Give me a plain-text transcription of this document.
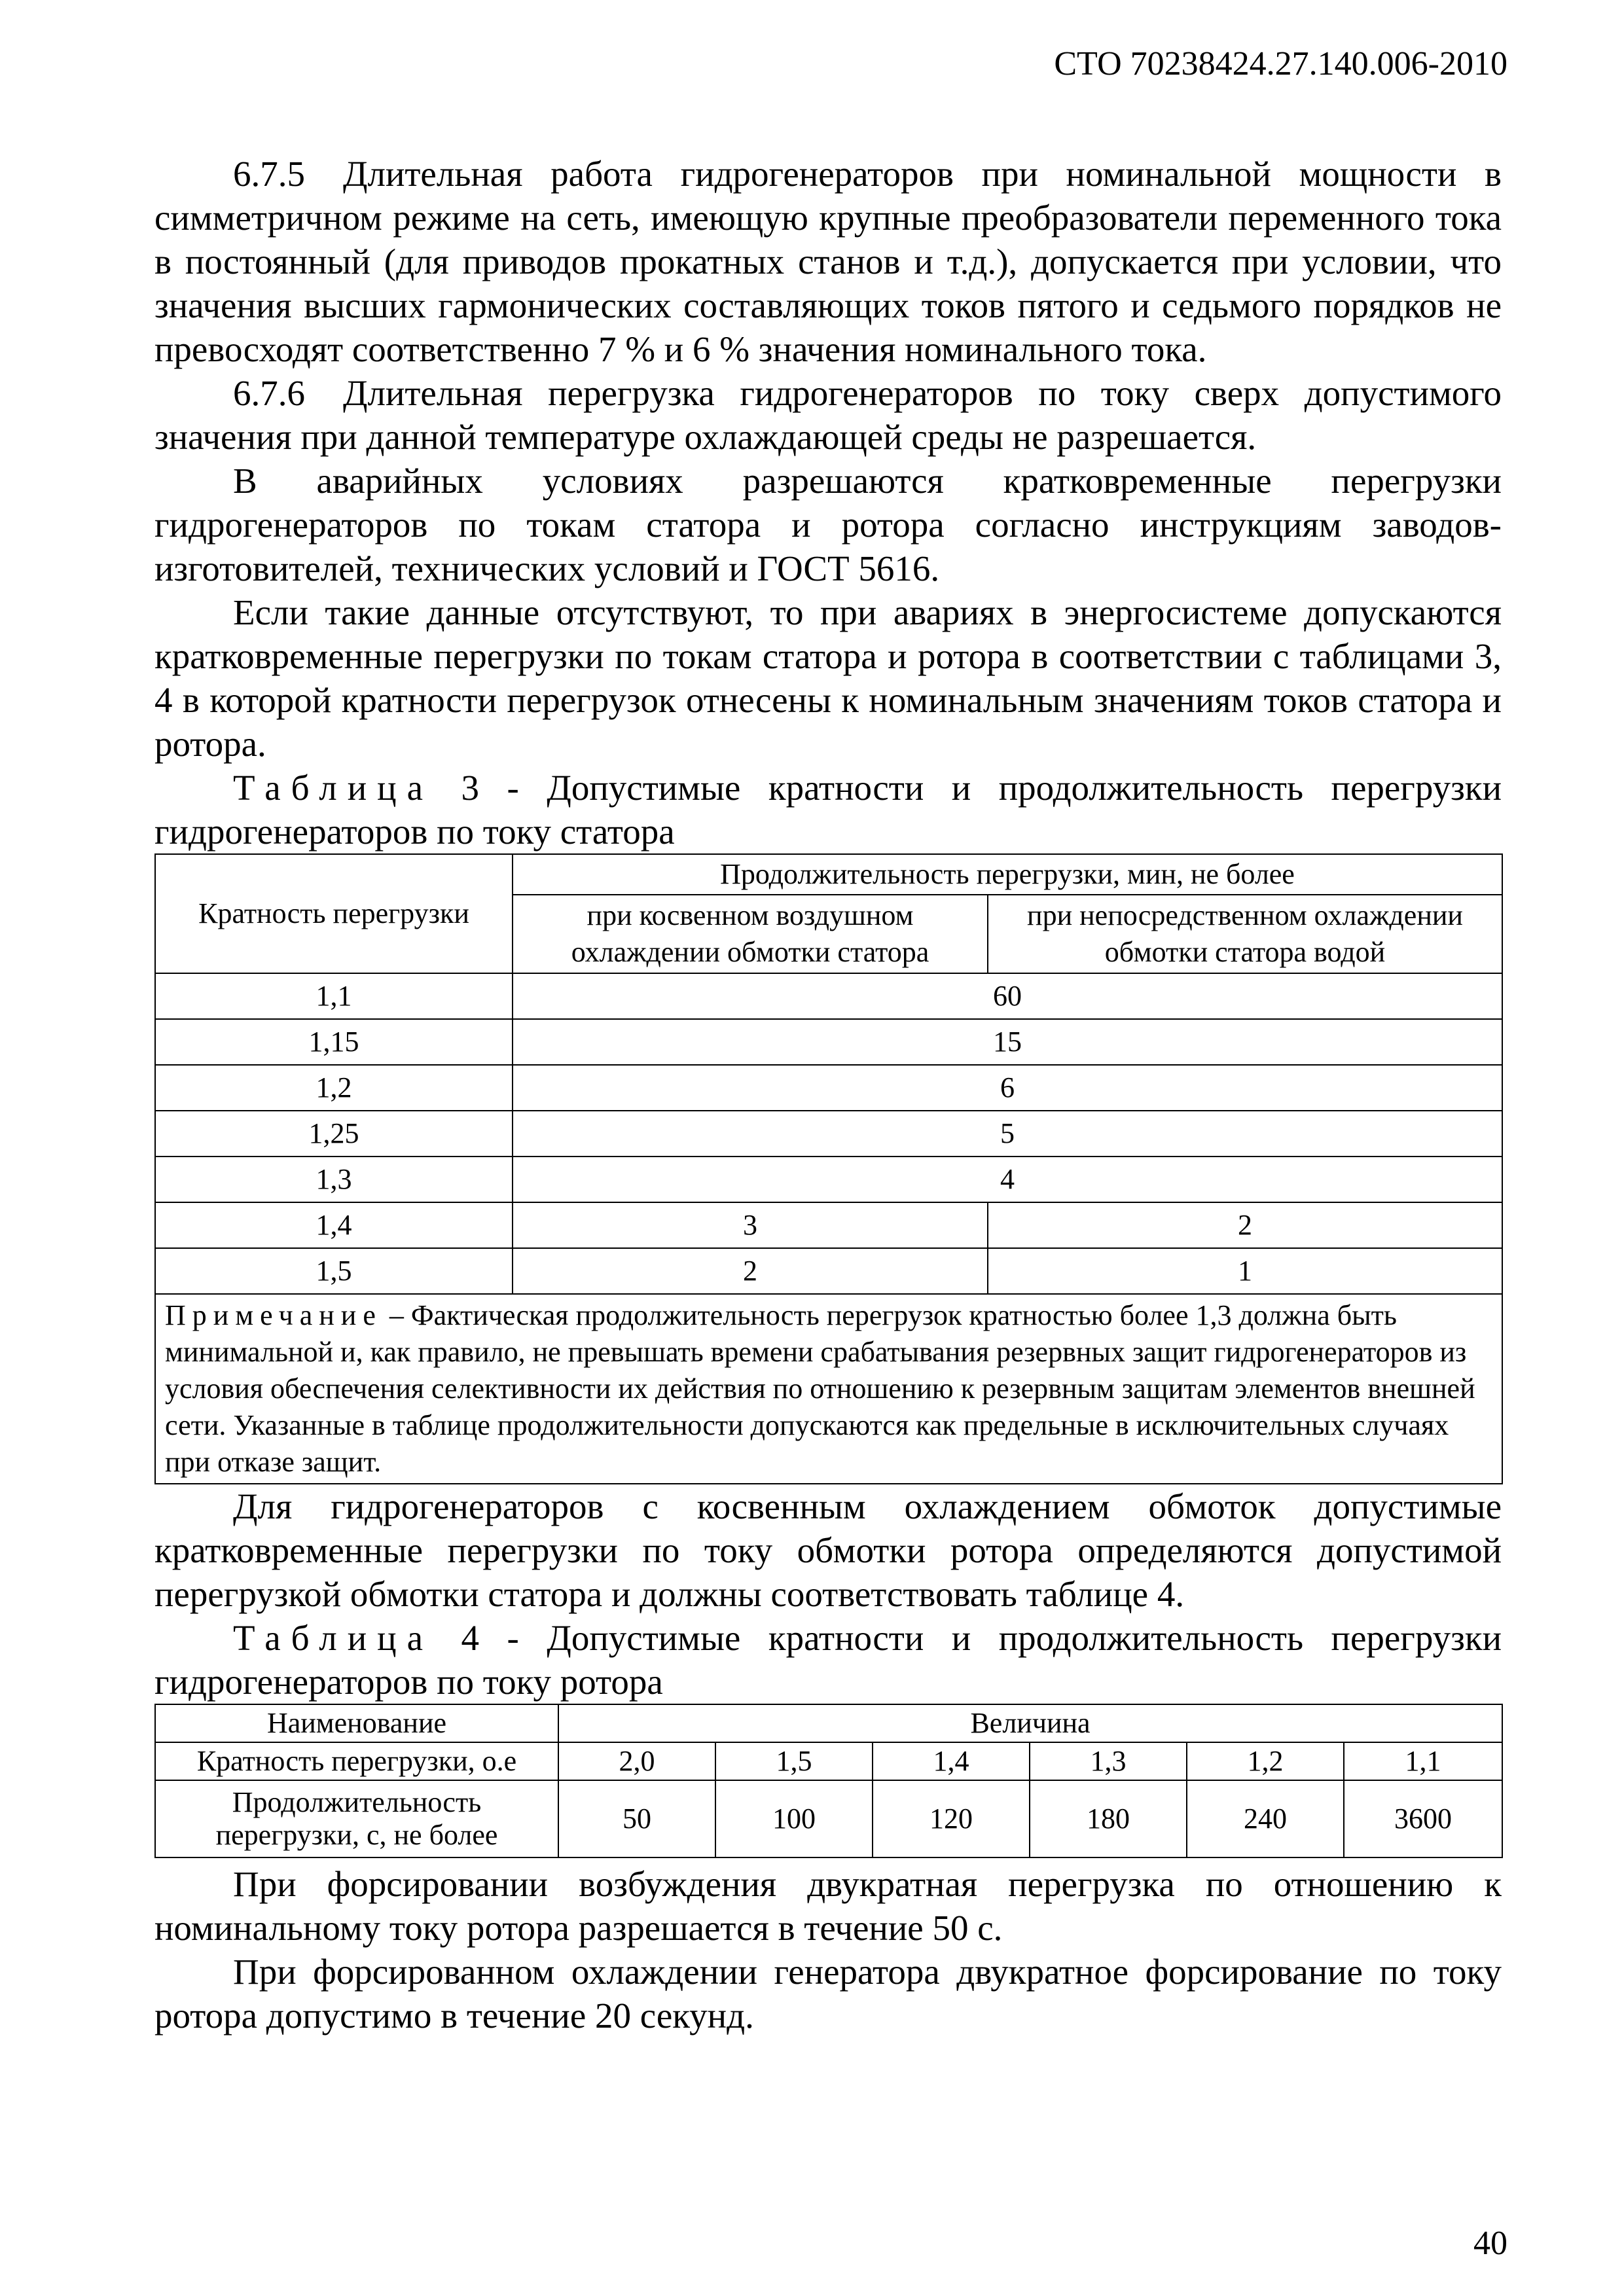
СТО 70238424.27.140.006-2010

6.7.5 Длительная работа гидрогенераторов при номинальной мощности в симметричном режиме на сеть, имеющую крупные преобразователи переменного тока в постоянный (для приводов прокатных станов и т.д.), допускается при условии, что значения высших гармонических составляющих токов пятого и седьмого порядков не превосходят соответственно 7 % и 6 % значения номинального тока.

6.7.6 Длительная перегрузка гидрогенераторов по току сверх допустимого значения при данной температуре охлаждающей среды не разрешается.

В аварийных условиях разрешаются кратковременные перегрузки гидрогенераторов по токам статора и ротора согласно инструкциям заводов-изготовителей, технических условий и ГОСТ 5616.

Если такие данные отсутствуют, то при авариях в энергосистеме допускаются кратковременные перегрузки по токам статора и ротора в соответствии с таблицами 3, 4 в которой кратности перегрузок отнесены к номинальным значениям токов статора и ротора.

Таблица 3 - Допустимые кратности и продолжительность перегрузки гидрогенераторов по току статора

Кратность перегрузки	Продолжительность перегрузки, мин, не более	
	при косвенном воздушном охлаждении обмотки статора	при непосредственном охлаждении обмотки статора водой
1,1	60	
1,15	15	
1,2	6	
1,25	5	
1,3	4	
1,4	3	2
1,5	2	1
Примечание – Фактическая продолжительность перегрузок кратностью более 1,3 должна быть минимальной и, как правило, не превышать времени срабатывания резервных защит гидрогенераторов из условия обеспечения селективности их действия по отношению к резервным защитам элементов внешней сети. Указанные в таблице продолжительности допускаются как предельные в исключительных случаях при отказе защит.		

Для гидрогенераторов с косвенным охлаждением обмоток допустимые кратковременные перегрузки по току обмотки ротора определяются допустимой перегрузкой обмотки статора и должны соответствовать таблице 4.

Таблица 4 - Допустимые кратности и продолжительность перегрузки гидрогенераторов по току ротора

Наименование	Величина					
Кратность перегрузки, о.е	2,0	1,5	1,4	1,3	1,2	1,1
Продолжительность перегрузки, с, не более	50	100	120	180	240	3600

При форсировании возбуждения двукратная перегрузка по отношению к номинальному току ротора разрешается в течение 50 с.

При форсированном охлаждении генератора двукратное форсирование по току ротора допустимо в течение 20 секунд.

40
